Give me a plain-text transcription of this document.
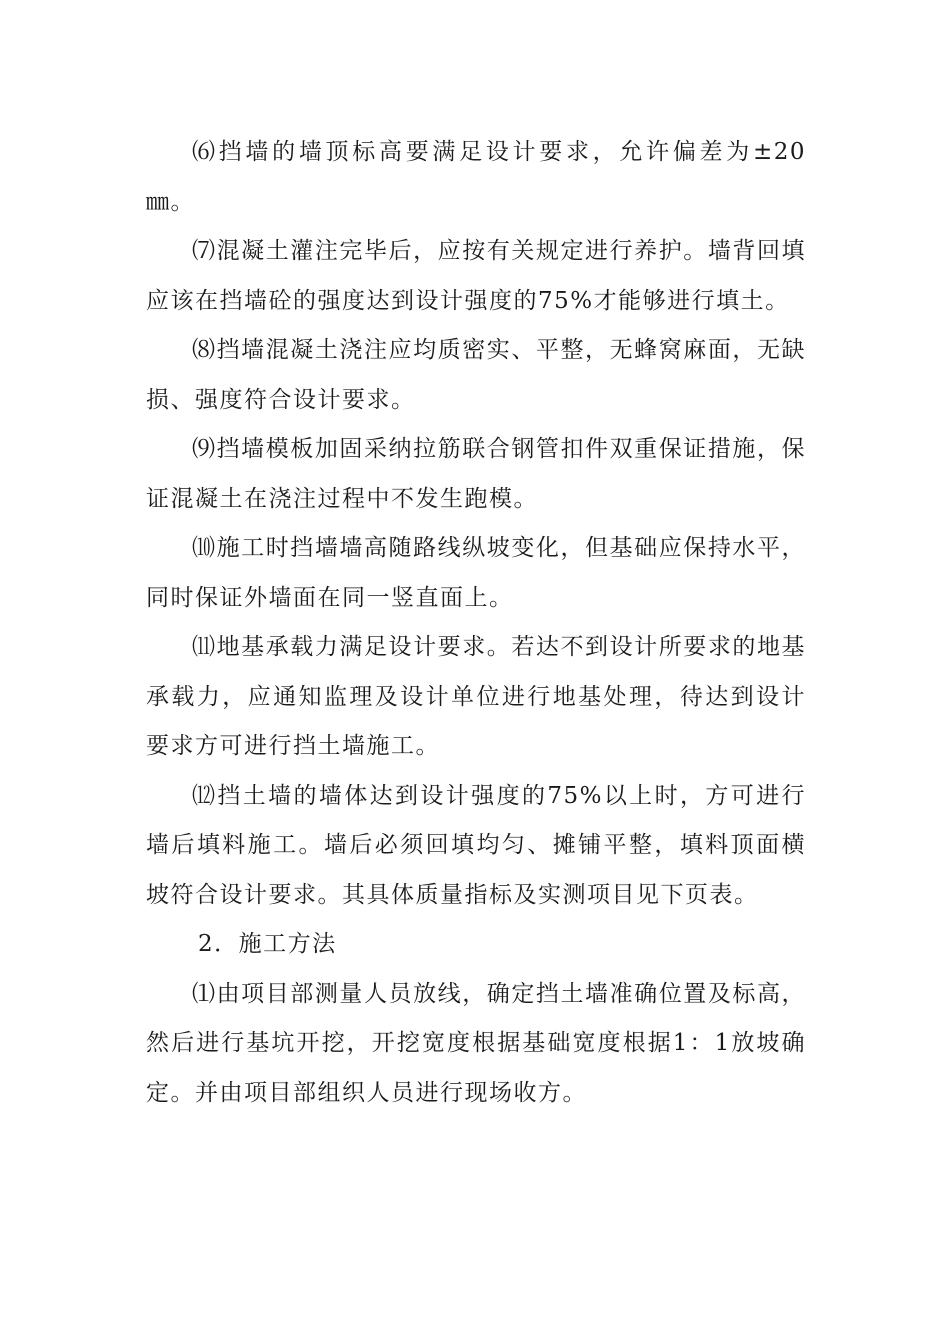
⑹挡墙的墙顶标高要满足设计要求，允许偏差为±20㎜。

⑺混凝土灌注完毕后，应按有关规定进行养护。墙背回填应该在挡墙砼的强度达到设计强度的75%才能够进行填土。

⑻挡墙混凝土浇注应均质密实、平整，无蜂窝麻面，无缺损、强度符合设计要求。

⑼挡墙模板加固采纳拉筋联合钢管扣件双重保证措施，保证混凝土在浇注过程中不发生跑模。

⑽施工时挡墙墙高随路线纵坡变化，但基础应保持水平，同时保证外墙面在同一竖直面上。

⑾地基承载力满足设计要求。若达不到设计所要求的地基承载力，应通知监理及设计单位进行地基处理，待达到设计要求方可进行挡土墙施工。

⑿挡土墙的墙体达到设计强度的75%以上时，方可进行墙后填料施工。墙后必须回填均匀、摊铺平整，填料顶面横坡符合设计要求。其具体质量指标及实测项目见下页表。

2．施工方法

⑴由项目部测量人员放线，确定挡土墙准确位置及标高，然后进行基坑开挖，开挖宽度根据基础宽度根据1：1放坡确定。并由项目部组织人员进行现场收方。
